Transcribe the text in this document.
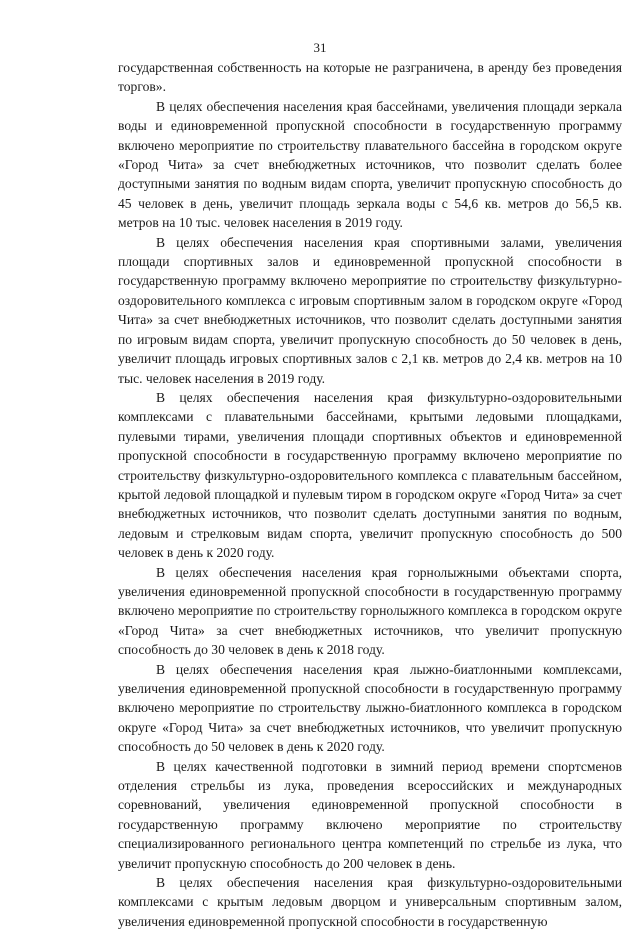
31

государственная собственность на которые не разграничена, в аренду без проведения торгов».

В целях обеспечения населения края бассейнами, увеличения площади зеркала воды и единовременной пропускной способности в государственную программу включено мероприятие по строительству плавательного бассейна в городском округе «Город Чита» за счет внебюджетных источников, что позволит сделать более доступными занятия по водным видам спорта, увеличит пропускную способность до 45 человек в день, увеличит площадь зеркала воды с 54,6 кв. метров до 56,5 кв. метров на 10 тыс. человек населения в 2019 году.

В целях обеспечения населения края спортивными залами, увеличения площади спортивных залов и единовременной пропускной способности в государственную программу включено мероприятие по строительству физкультурно-оздоровительного комплекса с игровым спортивным залом в городском округе «Город Чита» за счет внебюджетных источников, что позволит сделать доступными занятия по игровым видам спорта, увеличит пропускную способность до 50 человек в день, увеличит площадь игровых спортивных залов с 2,1 кв. метров до 2,4 кв. метров на 10 тыс. человек населения в 2019 году.

В целях обеспечения населения края физкультурно-оздоровительными комплексами с плавательными бассейнами, крытыми ледовыми площадками, пулевыми тирами, увеличения площади спортивных объектов и единовременной пропускной способности в государственную программу включено мероприятие по строительству физкультурно-оздоровительного комплекса с плавательным бассейном, крытой ледовой площадкой и пулевым тиром в городском округе «Город Чита» за счет внебюджетных источников, что позволит сделать доступными занятия по водным, ледовым и стрелковым видам спорта, увеличит пропускную способность до 500 человек в день к 2020 году.

В целях обеспечения населения края горнолыжными объектами спорта, увеличения единовременной пропускной способности в государственную программу включено мероприятие по строительству горнолыжного комплекса в городском округе «Город Чита» за счет внебюджетных источников, что увеличит пропускную способность до 30 человек в день к 2018 году.

В целях обеспечения населения края лыжно-биатлонными комплексами, увеличения единовременной пропускной способности в государственную программу включено мероприятие по строительству лыжно-биатлонного комплекса в городском округе «Город Чита» за счет внебюджетных источников, что увеличит пропускную способность до 50 человек в день к 2020 году.

В целях качественной подготовки в зимний период времени спортсменов отделения стрельбы из лука, проведения всероссийских и международных соревнований, увеличения единовременной пропускной способности в государственную программу включено мероприятие по строительству специализированного регионального центра компетенций по стрельбе из лука, что увеличит пропускную способность до 200 человек в день.

В целях обеспечения населения края физкультурно-оздоровительными комплексами с крытым ледовым дворцом и универсальным спортивным залом, увеличения единовременной пропускной способности в государственную
